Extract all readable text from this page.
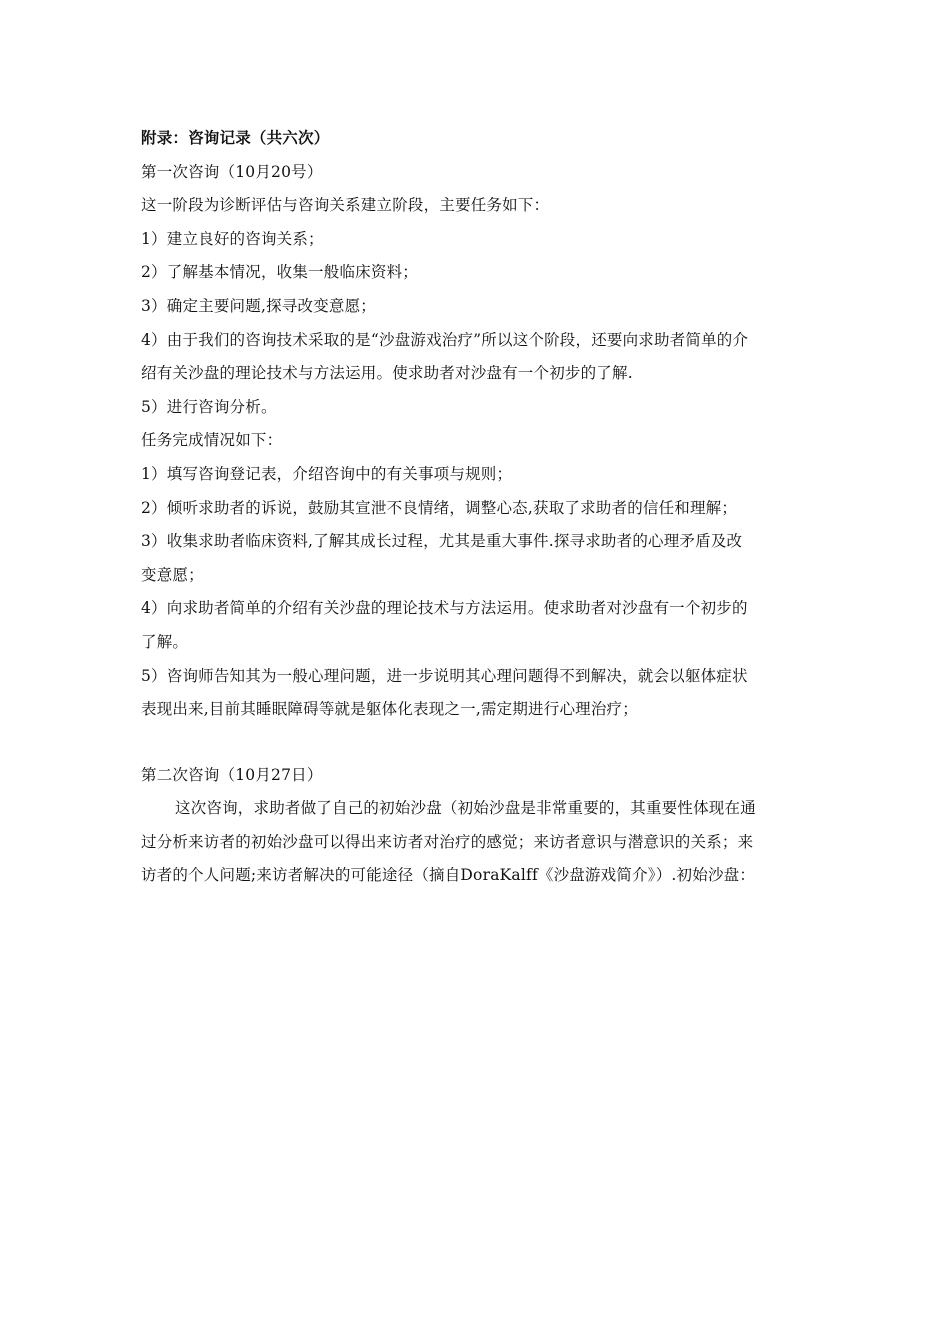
附录：咨询记录（共六次）
第一次咨询（10月20号）
这一阶段为诊断评估与咨询关系建立阶段，主要任务如下：
1）建立良好的咨询关系；
2）了解基本情况，收集一般临床资料；
3）确定主要问题,探寻改变意愿；
4）由于我们的咨询技术采取的是“沙盘游戏治疗”所以这个阶段，还要向求助者简单的介
绍有关沙盘的理论技术与方法运用。使求助者对沙盘有一个初步的了解.
5）进行咨询分析。
任务完成情况如下：
1）填写咨询登记表，介绍咨询中的有关事项与规则；
2）倾听求助者的诉说，鼓励其宣泄不良情绪，调整心态,获取了求助者的信任和理解；
3）收集求助者临床资料,了解其成长过程，尤其是重大事件.探寻求助者的心理矛盾及改
变意愿；
4）向求助者简单的介绍有关沙盘的理论技术与方法运用。使求助者对沙盘有一个初步的
了解。
5）咨询师告知其为一般心理问题，进一步说明其心理问题得不到解决，就会以躯体症状
表现出来,目前其睡眠障碍等就是躯体化表现之一,需定期进行心理治疗；
第二次咨询（10月27日）
这次咨询，求助者做了自己的初始沙盘（初始沙盘是非常重要的，其重要性体现在通
过分析来访者的初始沙盘可以得出来访者对治疗的感觉；来访者意识与潜意识的关系；来
访者的个人问题;来访者解决的可能途径（摘自DoraKalff《沙盘游戏简介》）.初始沙盘：
